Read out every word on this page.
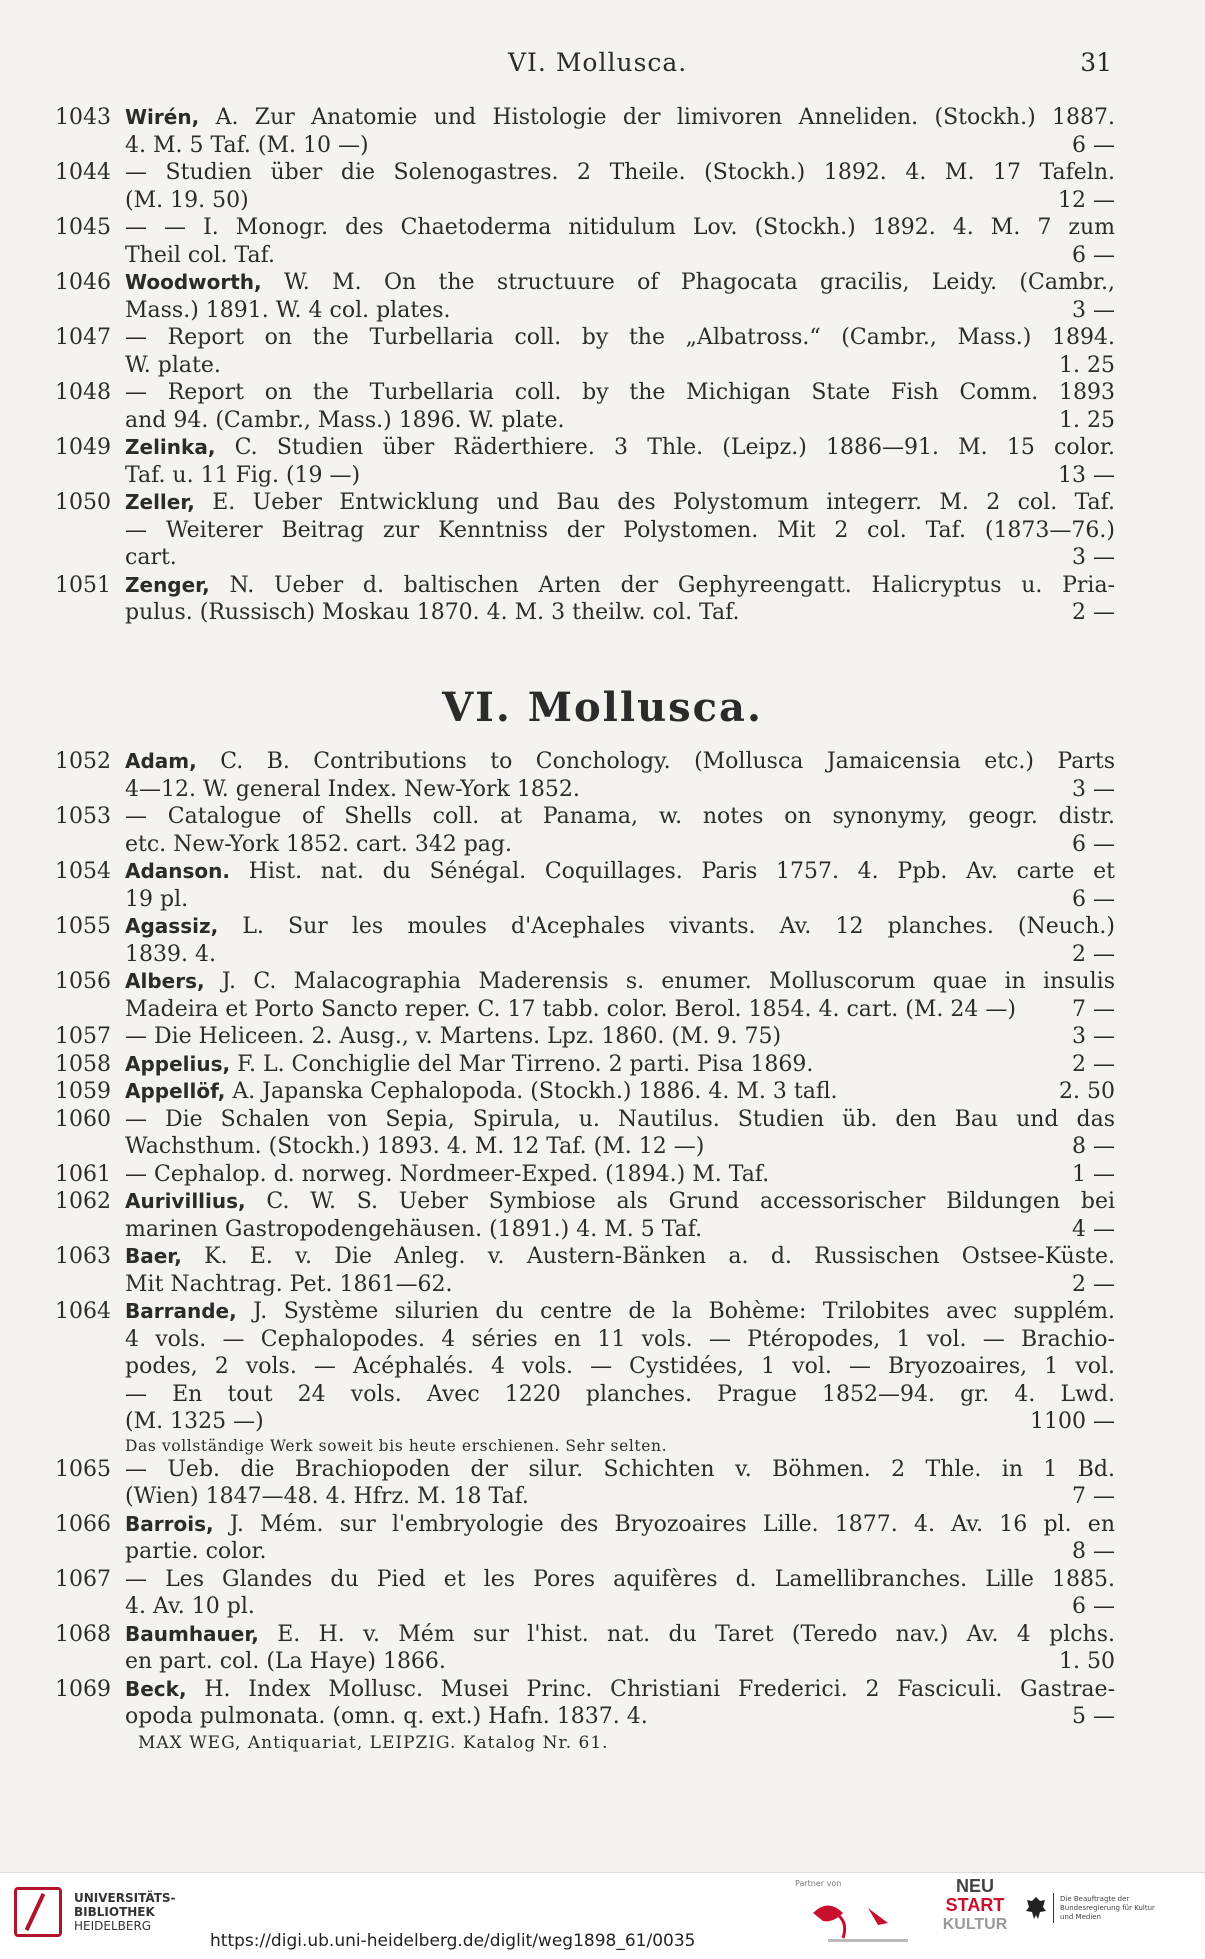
VI. Mollusca.	31
1043 Wirén, A. Zur Anatomie und Histologie der limivoren Anneliden. (Stockh.) 1887.
4. M. 5 Taf. (M. 10 —)	6 —
1044 — Studien über die Solenogastres. 2 Theile. (Stockh.) 1892. 4. M. 17 Tafeln.
(M. 19. 50)	12 —
1045 — — I. Monogr. des Chaetoderma nitidulum Lov. (Stockh.) 1892. 4. M. 7 zum
Theil col. Taf.	6 —
1046 Woodworth, W. M. On the structuure of Phagocata gracilis, Leidy. (Cambr.,
Mass.) 1891. W. 4 col. plates.	3 —
1047 — Report on the Turbellaria coll. by the „Albatross.“ (Cambr., Mass.) 1894.
W. plate.	1. 25
1048 — Report on the Turbellaria coll. by the Michigan State Fish Comm. 1893
and 94. (Cambr., Mass.) 1896. W. plate.	1. 25
1049 Zelinka, C. Studien über Räderthiere. 3 Thle. (Leipz.) 1886—91. M. 15 color.
Taf. u. 11 Fig. (19 —)	13 —
1050 Zeller, E. Ueber Entwicklung und Bau des Polystomum integerr. M. 2 col. Taf.
— Weiterer Beitrag zur Kenntniss der Polystomen. Mit 2 col. Taf. (1873—76.)
cart.	3 —
1051 Zenger, N. Ueber d. baltischen Arten der Gephyreengatt. Halicryptus u. Pria-
pulus. (Russisch) Moskau 1870. 4. M. 3 theilw. col. Taf.	2 —
VI. Mollusca.
1052 Adam, C. B. Contributions to Conchology. (Mollusca Jamaicensia etc.) Parts
4—12. W. general Index. New-York 1852.	3 —
1053 — Catalogue of Shells coll. at Panama, w. notes on synonymy, geogr. distr.
etc. New-York 1852. cart. 342 pag.	6 —
1054 Adanson. Hist. nat. du Sénégal. Coquillages. Paris 1757. 4. Ppb. Av. carte et
19 pl.	6 —
1055 Agassiz, L. Sur les moules d'Acephales vivants. Av. 12 planches. (Neuch.)
1839. 4.	2 —
1056 Albers, J. C. Malacographia Maderensis s. enumer. Molluscorum quae in insulis
Madeira et Porto Sancto reper. C. 17 tabb. color. Berol. 1854. 4. cart. (M. 24 —)	7 —
1057 — Die Heliceen. 2. Ausg., v. Martens. Lpz. 1860. (M. 9. 75)	3 —
1058 Appelius, F. L. Conchiglie del Mar Tirreno. 2 parti. Pisa 1869.	2 —
1059 Appellöf, A. Japanska Cephalopoda. (Stockh.) 1886. 4. M. 3 tafl.	2. 50
1060 — Die Schalen von Sepia, Spirula, u. Nautilus. Studien üb. den Bau und das
Wachsthum. (Stockh.) 1893. 4. M. 12 Taf. (M. 12 —)	8 —
1061 — Cephalop. d. norweg. Nordmeer-Exped. (1894.) M. Taf.	1 —
1062 Aurivillius, C. W. S. Ueber Symbiose als Grund accessorischer Bildungen bei
marinen Gastropodengehäusen. (1891.) 4. M. 5 Taf.	4 —
1063 Baer, K. E. v. Die Anleg. v. Austern-Bänken a. d. Russischen Ostsee-Küste.
Mit Nachtrag. Pet. 1861—62.	2 —
1064 Barrande, J. Système silurien du centre de la Bohème: Trilobites avec supplém.
4 vols. — Cephalopodes. 4 séries en 11 vols. — Ptéropodes, 1 vol. — Brachio-
podes, 2 vols. — Acéphalés. 4 vols. — Cystidées, 1 vol. — Bryozoaires, 1 vol.
— En tout 24 vols. Avec 1220 planches. Prague 1852—94. gr. 4. Lwd.
(M. 1325 —)	1100 —
Das vollständige Werk soweit bis heute erschienen. Sehr selten.
1065 — Ueb. die Brachiopoden der silur. Schichten v. Böhmen. 2 Thle. in 1 Bd.
(Wien) 1847—48. 4. Hfrz. M. 18 Taf.	7 —
1066 Barrois, J. Mém. sur l'embryologie des Bryozoaires Lille. 1877. 4. Av. 16 pl. en
partie. color.	8 —
1067 — Les Glandes du Pied et les Pores aquifères d. Lamellibranches. Lille 1885.
4. Av. 10 pl.	6 —
1068 Baumhauer, E. H. v. Mém sur l'hist. nat. du Taret (Teredo nav.) Av. 4 plchs.
en part. col. (La Haye) 1866.	1. 50
1069 Beck, H. Index Mollusc. Musei Princ. Christiani Frederici. 2 Fasciculi. Gastrae-
opoda pulmonata. (omn. q. ext.) Hafn. 1837. 4.	5 —
MAX WEG, Antiquariat, LEIPZIG. Katalog Nr. 61.
UNIVERSITÄTS-
BIBLIOTHEK
HEIDELBERG
https://digi.ub.uni-heidelberg.de/diglit/weg1898_61/0035
Partner von	NEU
START
KULTUR
Die Beauftragte der Bundesregierung für Kultur und Medien
